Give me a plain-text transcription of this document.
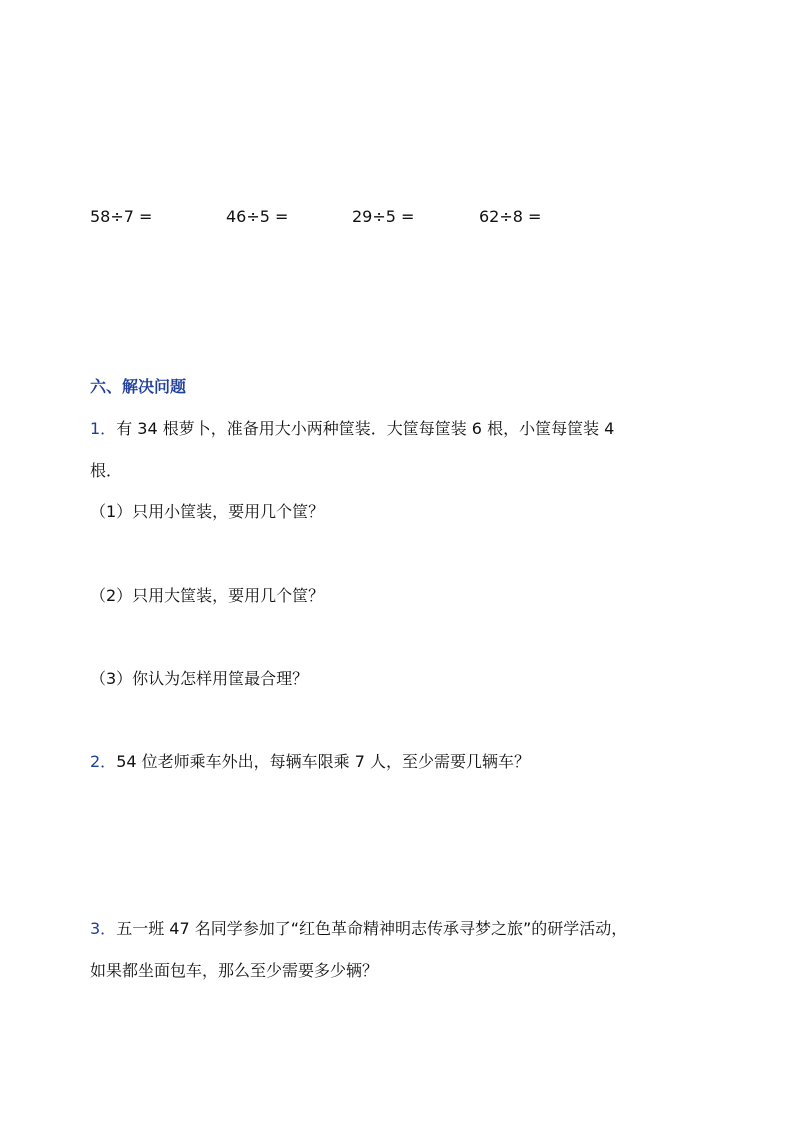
58÷7 =	46÷5 =	29÷5 =	62÷8 =
六、解决问题
1．有 34 根萝卜，准备用大小两种筐装．大筐每筐装 6 根，小筐每筐装 4
根．
（1）只用小筐装，要用几个筐？
（2）只用大筐装，要用几个筐？
（3）你认为怎样用筐最合理？
2．54 位老师乘车外出，每辆车限乘 7 人，至少需要几辆车？
3．五一班 47 名同学参加了“红色革命精神明志传承寻梦之旅”的研学活动，
如果都坐面包车，那么至少需要多少辆？
